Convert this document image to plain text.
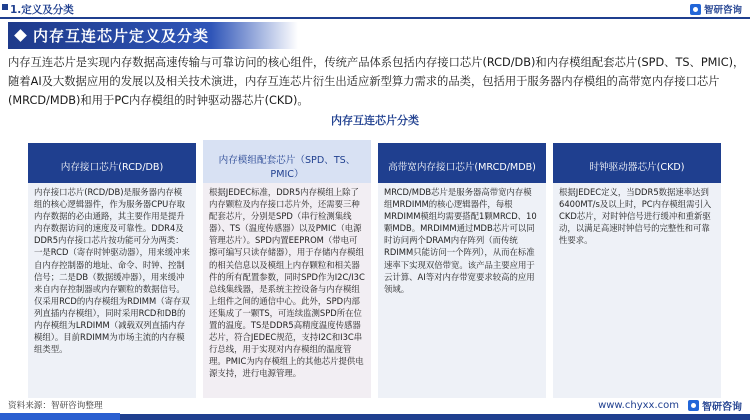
1.定义及分类	智研咨询
内存互连芯片定义及分类
内存互连芯片是实现内存数据高速传输与可靠访问的核心组件，传统产品体系包括内存接口芯片(RCD/DB)和内存模组配套芯片(SPD、TS、PMIC)，随着AI及大数据应用的发展以及相关技术演进，内存互连芯片衍生出适应新型算力需求的品类，包括用于服务器内存模组的高带宽内存接口芯片(MRCD/MDB)和用于PC内存模组的时钟驱动器芯片(CKD)。
内存互连芯片分类
内存接口芯片(RCD/DB)
内存接口芯片(RCD/DB)是服务器内存模组的核心逻辑器件，作为服务器CPU存取内存数据的必由通路，其主要作用是提升内存数据访问的速度及可靠性。DDR4及DDR5内存接口芯片按功能可分为两类：一是RCD（寄存时钟驱动器），用来缓冲来自内存控制器的地址、命令、时钟、控制信号；二是DB（数据缓冲器），用来缓冲来自内存控制器或内存颗粒的数据信号。仅采用RCD的内存模组为RDIMM（寄存双列直插内存模组），同时采用RCD和DB的内存模组为LRDIMM（减载双列直插内存模组）。目前RDIMM为市场主流的内存模组类型。
内存模组配套芯片（SPD、TS、PMIC）
根据JEDEC标准，DDR5内存模组上除了内存颗粒及内存接口芯片外，还需要三种配套芯片，分别是SPD（串行检测集线器）、TS（温度传感器）以及PMIC（电源管理芯片）。SPD内置EEPROM（带电可擦可编写只读存储器），用于存储内存模组的相关信息以及模组上内存颗粒和相关器件的所有配置参数，同时SPD作为I2C/I3C总线集线器，是系统主控设备与内存模组上组件之间的通信中心。此外，SPD内部还集成了一颗TS，可连续监测SPD所在位置的温度。TS是DDR5高精度温度传感器芯片，符合JEDEC规范，支持I2C和I3C串行总线，用于实现对内存模组的温度管理。PMIC为内存模组上的其他芯片提供电源支持，进行电源管理。
高带宽内存接口芯片(MRCD/MDB)
MRCD/MDB芯片是服务器高带宽内存模组MRDIMM的核心逻辑器件，每根MRDIMM模组均需要搭配1颗MRCD、10颗MDB。MRDIMM通过MDB芯片可以同时访问两个DRAM内存阵列（而传统RDIMM只能访问一个阵列），从而在标准速率下实现双倍带宽。该产品主要应用于云计算、AI等对内存带宽要求较高的应用领域。
时钟驱动器芯片(CKD)
根据JEDEC定义，当DDR5数据速率达到6400MT/s及以上时，PC内存模组需引入CKD芯片，对时钟信号进行缓冲和重新驱动，以满足高速时钟信号的完整性和可靠性要求。
资料来源：智研咨询整理	www.chyxx.com 智研咨询
